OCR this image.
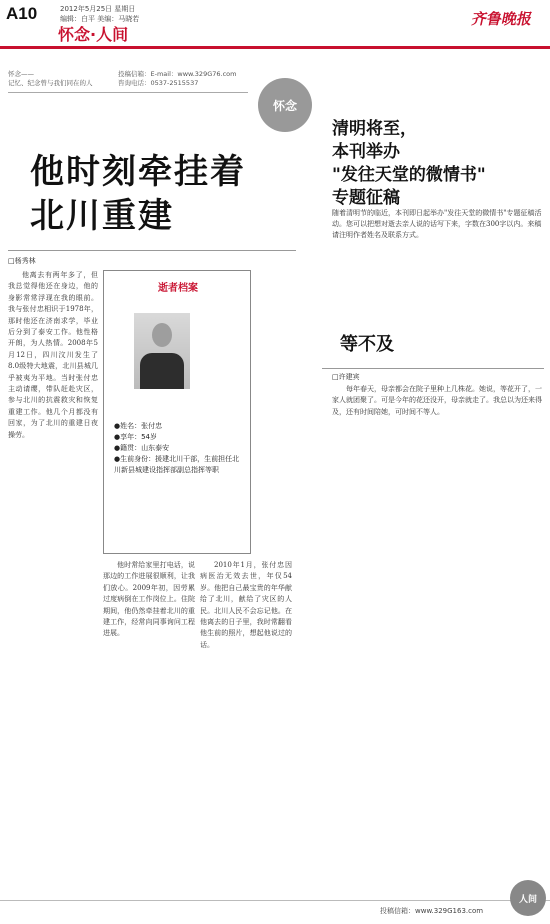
A10	2012年5月25日 星期日
编辑：白平 美编：马晓若
怀念·人间
齐鲁晚报
怀念——
记忆、纪念曾与我们同在的人
投稿信箱：E-mail：www.329G76.com
咨询电话：0537-2515537
怀念
他时刻牵挂着
北川重建
□杨秀林
他离去有两年多了，但我总觉得他还在身边，他的身影常常浮现在我的眼前。我与张付忠相识于1978年，那时他还在济南求学，毕业后分到了泰安工作。他性格开朗，为人热情。2008年5月12日，四川汶川发生了8.0级特大地震，北川县城几乎被夷为平地。当时张付忠主动请缨，带队赶赴灾区，参与北川的抗震救灾和恢复重建工作。他几个月都没有回家，为了北川的重建日夜操劳。
他时常给家里打电话，说那边的工作进展很顺利，让我们放心。2009年初，因劳累过度病倒在工作岗位上。住院期间，他仍然牵挂着北川的重建工作，经常向同事询问工程进展。
2010年1月，张付忠因病医治无效去世，年仅54岁。他把自己最宝贵的年华献给了北川，献给了灾区的人民。北川人民不会忘记他。在他离去的日子里，我时常翻看他生前的照片，想起他说过的话。
逝者档案
●姓名：张付忠
●享年：54岁
●籍贯：山东泰安
●生前身份：援建北川干部，生前担任北川新县城建设指挥部副总指挥等职
清明将至，
本刊举办
"发往天堂的微情书"
专题征稿
随着清明节的临近，本刊即日起举办"发往天堂的微情书"专题征稿活动。您可以把想对逝去亲人说的话写下来，字数在300字以内。来稿请注明作者姓名及联系方式。
等不及
□许建宾
每年春天，母亲都会在院子里种上几株花。她说，等花开了，一家人就团聚了。可是今年的花还没开，母亲就走了。我总以为还来得及，还有时间陪她，可时间不等人。
投稿信箱：www.329G163.com
人间
